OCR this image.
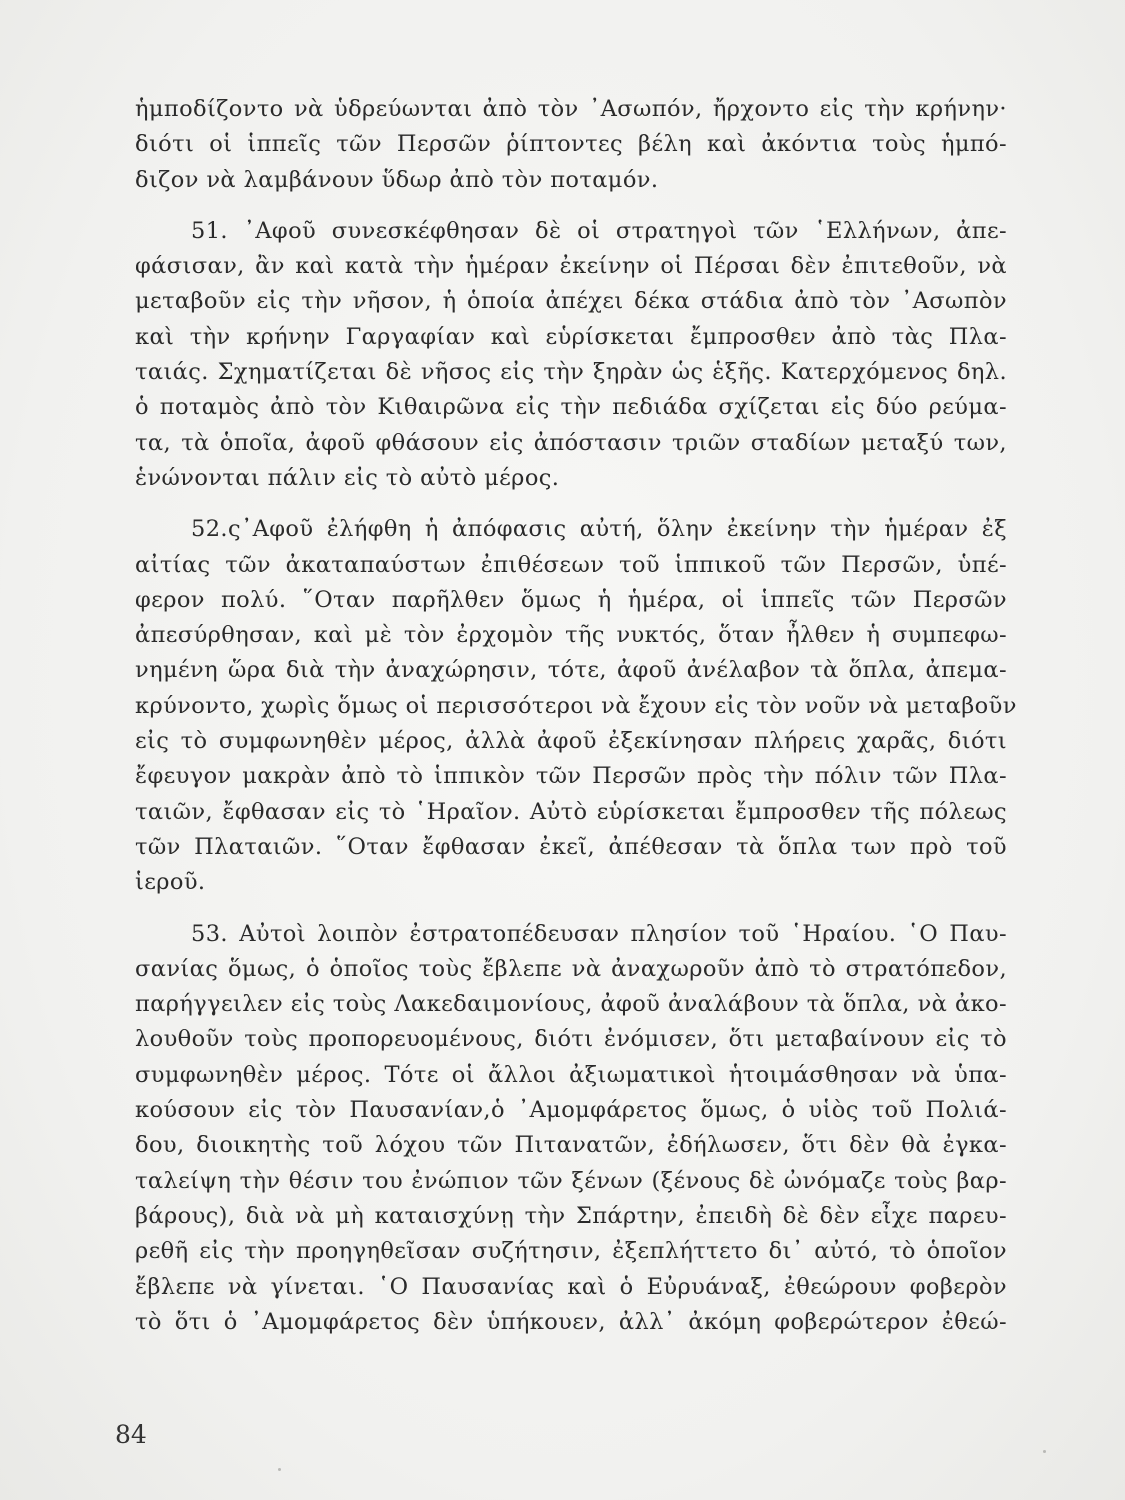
ἡμποδίζοντο νὰ ὑδρεύωνται ἀπὸ τὸν ᾿Ασωπόν, ἤρχοντο εἰς τὴν κρήνην·
διότι οἱ ἱππεῖς τῶν Περσῶν ῥίπτοντες βέλη καὶ ἀκόντια τοὺς ἡμπό-
διζον νὰ λαμβάνουν ὕδωρ ἀπὸ τὸν ποταμόν.

51. ᾿Αφοῦ συνεσκέφθησαν δὲ οἱ στρατηγοὶ τῶν ῾Ελλήνων, ἀπε-
φάσισαν, ἂν καὶ κατὰ τὴν ἡμέραν ἐκείνην οἱ Πέρσαι δὲν ἐπιτεθοῦν, νὰ
μεταβοῦν εἰς τὴν νῆσον, ἡ ὁποία ἀπέχει δέκα στάδια ἀπὸ τὸν ᾿Ασωπὸν
καὶ τὴν κρήνην Γαργαφίαν καὶ εὑρίσκεται ἔμπροσθεν ἀπὸ τὰς Πλα-
ταιάς. Σχηματίζεται δὲ νῆσος εἰς τὴν ξηρὰν ὡς ἑξῆς. Κατερχόμενος δηλ.
ὁ ποταμὸς ἀπὸ τὸν Κιθαιρῶνα εἰς τὴν πεδιάδα σχίζεται εἰς δύο ρεύμα-
τα, τὰ ὁποῖα, ἀφοῦ φθάσουν εἰς ἀπόστασιν τριῶν σταδίων μεταξύ των,
ἑνώνονται πάλιν εἰς τὸ αὐτὸ μέρος.

52.ς᾿Αφοῦ ἐλήφθη ἡ ἀπόφασις αὐτή, ὅλην ἐκείνην τὴν ἡμέραν ἐξ
αἰτίας τῶν ἀκαταπαύστων ἐπιθέσεων τοῦ ἱππικοῦ τῶν Περσῶν, ὑπέ-
φερον πολύ. ῞Οταν παρῆλθεν ὅμως ἡ ἡμέρα, οἱ ἱππεῖς τῶν Περσῶν
ἀπεσύρθησαν, καὶ μὲ τὸν ἐρχομὸν τῆς νυκτός, ὅταν ἦλθεν ἡ συμπεφω-
νημένη ὥρα διὰ τὴν ἀναχώρησιν, τότε, ἀφοῦ ἀνέλαβον τὰ ὅπλα, ἀπεμα-
κρύνοντο, χωρὶς ὅμως οἱ περισσότεροι νὰ ἔχουν εἰς τὸν νοῦν νὰ μεταβοῦν
εἰς τὸ συμφωνηθὲν μέρος, ἀλλὰ ἀφοῦ ἐξεκίνησαν πλήρεις χαρᾶς, διότι
ἔφευγον μακρὰν ἀπὸ τὸ ἱππικὸν τῶν Περσῶν πρὸς τὴν πόλιν τῶν Πλα-
ταιῶν, ἔφθασαν εἰς τὸ ῾Ηραῖον. Αὐτὸ εὑρίσκεται ἔμπροσθεν τῆς πόλεως
τῶν Πλαταιῶν. ῞Οταν ἔφθασαν ἐκεῖ, ἀπέθεσαν τὰ ὅπλα των πρὸ τοῦ
ἱεροῦ.

53. Αὐτοὶ λοιπὸν ἐστρατοπέδευσαν πλησίον τοῦ ῾Ηραίου. ῾Ο Παυ-
σανίας ὅμως, ὁ ὁποῖος τοὺς ἔβλεπε νὰ ἀναχωροῦν ἀπὸ τὸ στρατόπεδον,
παρήγγειλεν εἰς τοὺς Λακεδαιμονίους, ἀφοῦ ἀναλάβουν τὰ ὅπλα, νὰ ἀκο-
λουθοῦν τοὺς προπορευομένους, διότι ἐνόμισεν, ὅτι μεταβαίνουν εἰς τὸ
συμφωνηθὲν μέρος. Τότε οἱ ἄλλοι ἀξιωματικοὶ ἡτοιμάσθησαν νὰ ὑπα-
κούσουν εἰς τὸν Παυσανίαν,ὁ ᾿Αμομφάρετος ὅμως, ὁ υἱὸς τοῦ Πολιά-
δου, διοικητὴς τοῦ λόχου τῶν Πιτανατῶν, ἐδήλωσεν, ὅτι δὲν θὰ ἐγκα-
ταλείψη τὴν θέσιν του ἐνώπιον τῶν ξένων (ξένους δὲ ὠνόμαζε τοὺς βαρ-
βάρους), διὰ νὰ μὴ καταισχύνῃ τὴν Σπάρτην, ἐπειδὴ δὲ δὲν εἶχε παρευ-
ρεθῆ εἰς τὴν προηγηθεῖσαν συζήτησιν, ἐξεπλήττετο δι᾿ αὐτό, τὸ ὁποῖον
ἔβλεπε νὰ γίνεται. ῾Ο Παυσανίας καὶ ὁ Εὐρυάναξ, ἐθεώρουν φοβερὸν
τὸ ὅτι ὁ ᾿Αμομφάρετος δὲν ὑπήκουεν, ἀλλ᾿ ἀκόμη φοβερώτερον ἐθεώ-

84
